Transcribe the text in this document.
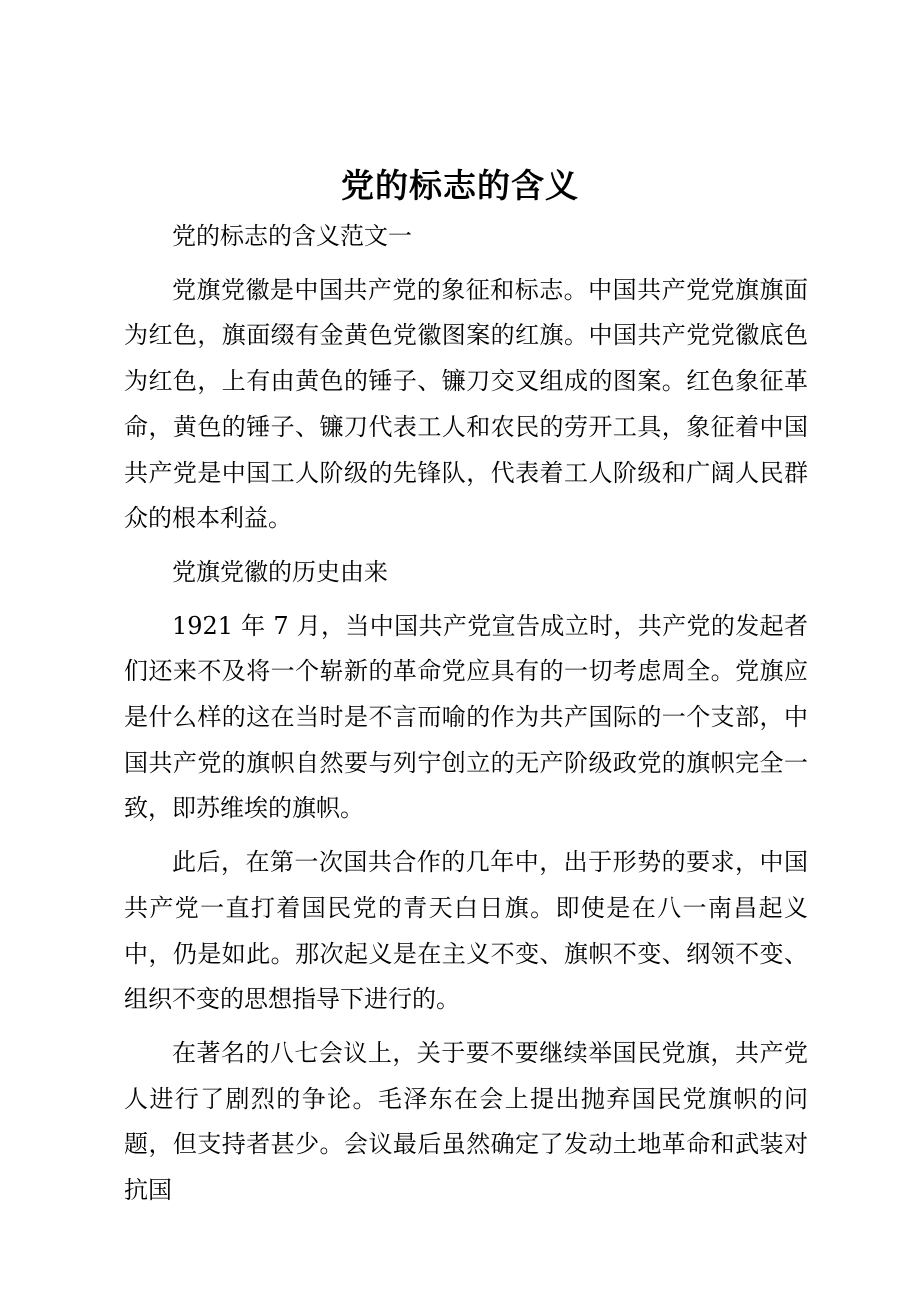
党的标志的含义

党的标志的含义范文一

党旗党徽是中国共产党的象征和标志。中国共产党党旗旗面为红色，旗面缀有金黄色党徽图案的红旗。中国共产党党徽底色为红色，上有由黄色的锤子、镰刀交叉组成的图案。红色象征革命，黄色的锤子、镰刀代表工人和农民的劳开工具，象征着中国共产党是中国工人阶级的先锋队，代表着工人阶级和广阔人民群众的根本利益。

党旗党徽的历史由来

1921 年 7 月，当中国共产党宣告成立时，共产党的发起者们还来不及将一个崭新的革命党应具有的一切考虑周全。党旗应是什么样的这在当时是不言而喻的作为共产国际的一个支部，中国共产党的旗帜自然要与列宁创立的无产阶级政党的旗帜完全一致，即苏维埃的旗帜。

此后，在第一次国共合作的几年中，出于形势的要求，中国共产党一直打着国民党的青天白日旗。即使是在八一南昌起义中，仍是如此。那次起义是在主义不变、旗帜不变、纲领不变、组织不变的思想指导下进行的。

在著名的八七会议上，关于要不要继续举国民党旗，共产党人进行了剧烈的争论。毛泽东在会上提出抛弃国民党旗帜的问题，但支持者甚少。会议最后虽然确定了发动土地革命和武装对抗国
